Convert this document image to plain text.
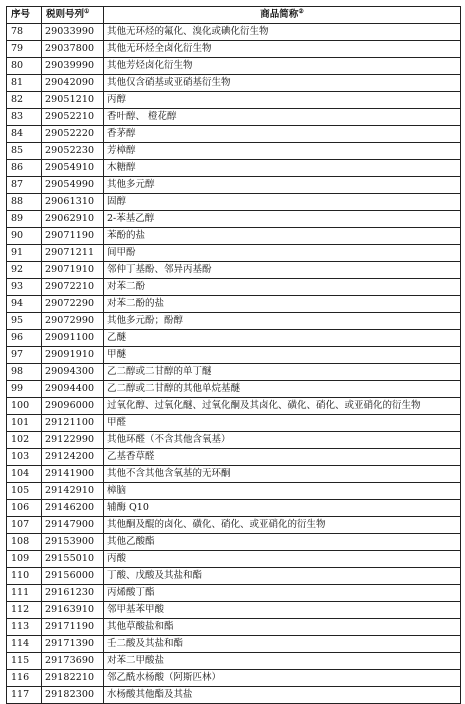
序号	税则号列①	商品简称②
78	29033990	其他无环烃的氟化、溴化或碘化衍生物
79	29037800	其他无环烃全卤化衍生物
80	29039990	其他芳烃卤化衍生物
81	29042090	其他仅含硝基或亚硝基衍生物
82	29051210	丙醇
83	29052210	香叶醇、 橙花醇
84	29052220	香茅醇
85	29052230	芳樟醇
86	29054910	木糖醇
87	29054990	其他多元醇
88	29061310	固醇
89	29062910	2-苯基乙醇
90	29071190	苯酚的盐
91	29071211	间甲酚
92	29071910	邻仲丁基酚、邻异丙基酚
93	29072210	对苯二酚
94	29072290	对苯二酚的盐
95	29072990	其他多元酚；酚醇
96	29091100	乙醚
97	29091910	甲醚
98	29094300	乙二醇或二甘醇的单丁醚
99	29094400	乙二醇或二甘醇的其他单烷基醚
100	29096000	过氧化醇、过氧化醚、过氧化酮及其卤化、磺化、硝化、或亚硝化的衍生物
101	29121100	甲醛
102	29122990	其他环醛（不含其他含氧基）
103	29124200	乙基香草醛
104	29141900	其他不含其他含氧基的无环酮
105	29142910	樟脑
106	29146200	辅酶 Q10
107	29147900	其他酮及醌的卤化、磺化、硝化、或亚硝化的衍生物
108	29153900	其他乙酸酯
109	29155010	丙酸
110	29156000	丁酸、戊酸及其盐和酯
111	29161230	丙烯酸丁酯
112	29163910	邻甲基苯甲酸
113	29171190	其他草酸盐和酯
114	29171390	壬二酸及其盐和酯
115	29173690	对苯二甲酸盐
116	29182210	邻乙酰水杨酸（阿斯匹林）
117	29182300	水杨酸其他酯及其盐
